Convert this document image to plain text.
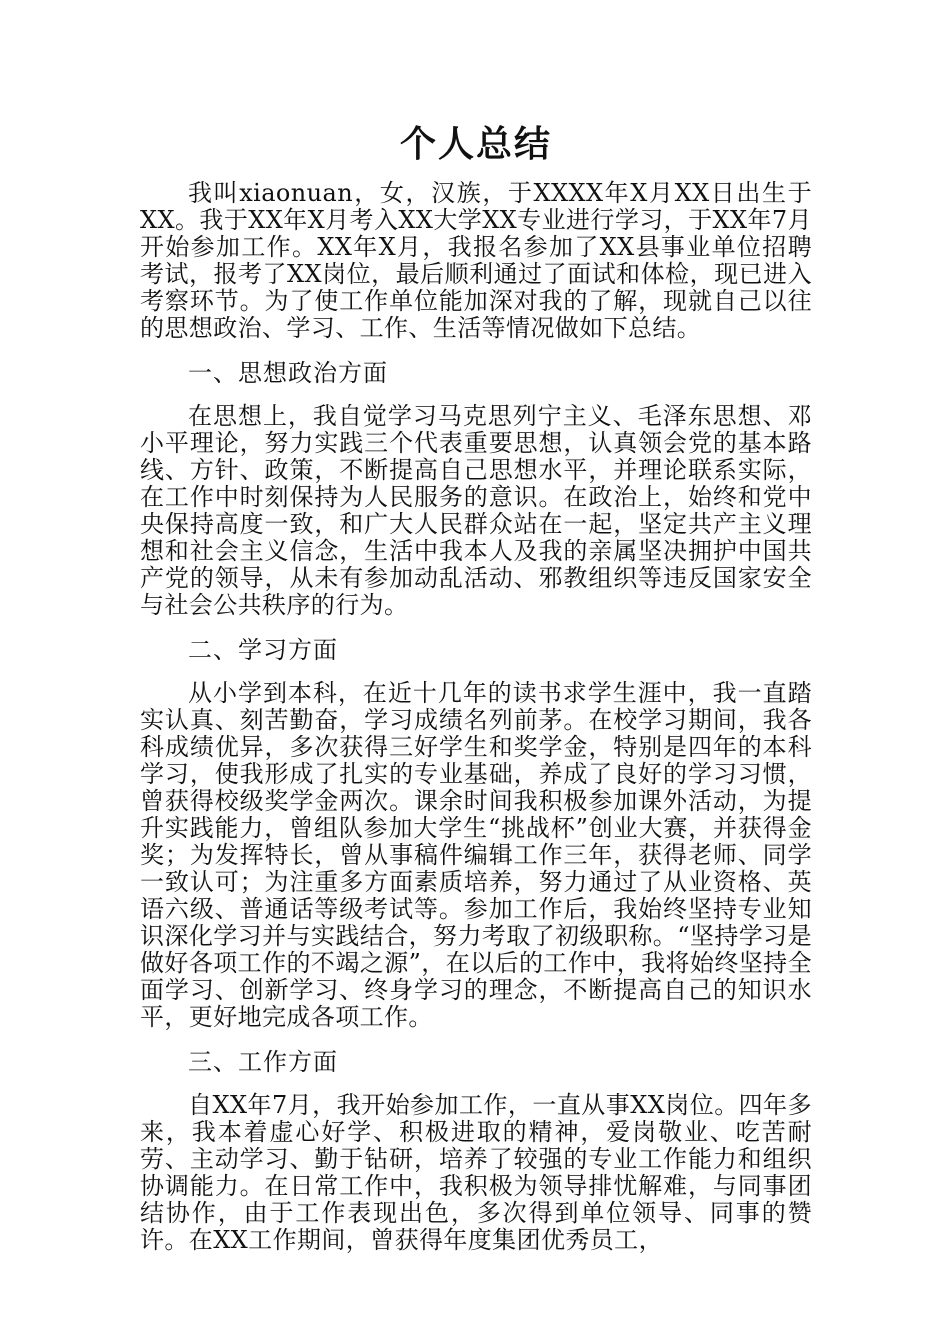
个人总结

我叫xiaonuan，女，汉族，于XXXX年X月XX日出生于XX。我于XX年X月考入XX大学XX专业进行学习，于XX年7月开始参加工作。XX年X月，我报名参加了XX县事业单位招聘考试，报考了XX岗位，最后顺利通过了面试和体检，现已进入考察环节。为了使工作单位能加深对我的了解，现就自己以往的思想政治、学习、工作、生活等情况做如下总结。

一、思想政治方面

在思想上，我自觉学习马克思列宁主义、毛泽东思想、邓小平理论，努力实践三个代表重要思想，认真领会党的基本路线、方针、政策，不断提高自己思想水平，并理论联系实际，在工作中时刻保持为人民服务的意识。在政治上，始终和党中央保持高度一致，和广大人民群众站在一起，坚定共产主义理想和社会主义信念，生活中我本人及我的亲属坚决拥护中国共产党的领导，从未有参加动乱活动、邪教组织等违反国家安全与社会公共秩序的行为。

二、学习方面

从小学到本科，在近十几年的读书求学生涯中，我一直踏实认真、刻苦勤奋，学习成绩名列前茅。在校学习期间，我各科成绩优异，多次获得三好学生和奖学金，特别是四年的本科学习，使我形成了扎实的专业基础，养成了良好的学习习惯，曾获得校级奖学金两次。课余时间我积极参加课外活动，为提升实践能力，曾组队参加大学生“挑战杯”创业大赛，并获得金奖；为发挥特长，曾从事稿件编辑工作三年，获得老师、同学一致认可；为注重多方面素质培养，努力通过了从业资格、英语六级、普通话等级考试等。参加工作后，我始终坚持专业知识深化学习并与实践结合，努力考取了初级职称。“坚持学习是做好各项工作的不竭之源”，在以后的工作中，我将始终坚持全面学习、创新学习、终身学习的理念，不断提高自己的知识水平，更好地完成各项工作。

三、工作方面

自XX年7月，我开始参加工作，一直从事XX岗位。四年多来，我本着虚心好学、积极进取的精神，爱岗敬业、吃苦耐劳、主动学习、勤于钻研，培养了较强的专业工作能力和组织协调能力。在日常工作中，我积极为领导排忧解难，与同事团结协作，由于工作表现出色，多次得到单位领导、同事的赞许。在XX工作期间，曾获得年度集团优秀员工，
